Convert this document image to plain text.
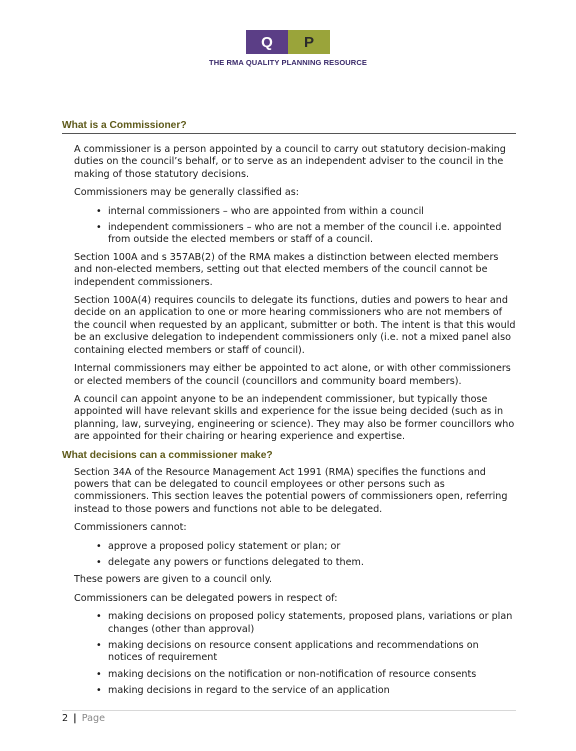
Q	P
THE RMA QUALITY PLANNING RESOURCE
What is a Commissioner?

A commissioner is a person appointed by a council to carry out statutory decision-making duties on the council’s behalf, or to serve as an independent adviser to the council in the making of those statutory decisions.

Commissioners may be generally classified as:

• internal commissioners – who are appointed from within a council
• independent commissioners – who are not a member of the council i.e. appointed from outside the elected members or staff of a council.

Section 100A and s 357AB(2) of the RMA makes a distinction between elected members and non-elected members, setting out that elected members of the council cannot be independent commissioners.

Section 100A(4) requires councils to delegate its functions, duties and powers to hear and decide on an application to one or more hearing commissioners who are not members of the council when requested by an applicant, submitter or both. The intent is that this would be an exclusive delegation to independent commissioners only (i.e. not a mixed panel also containing elected members or staff of council).

Internal commissioners may either be appointed to act alone, or with other commissioners or elected members of the council (councillors and community board members).

A council can appoint anyone to be an independent commissioner, but typically those appointed will have relevant skills and experience for the issue being decided (such as in planning, law, surveying, engineering or science). They may also be former councillors who are appointed for their chairing or hearing experience and expertise.

What decisions can a commissioner make?

Section 34A of the Resource Management Act 1991 (RMA) specifies the functions and powers that can be delegated to council employees or other persons such as commissioners. This section leaves the potential powers of commissioners open, referring instead to those powers and functions not able to be delegated.

Commissioners cannot:

• approve a proposed policy statement or plan; or
• delegate any powers or functions delegated to them.

These powers are given to a council only.

Commissioners can be delegated powers in respect of:

• making decisions on proposed policy statements, proposed plans, variations or plan changes (other than approval)
• making decisions on resource consent applications and recommendations on notices of requirement
• making decisions on the notification or non-notification of resource consents
• making decisions in regard to the service of an application
2 | Page
